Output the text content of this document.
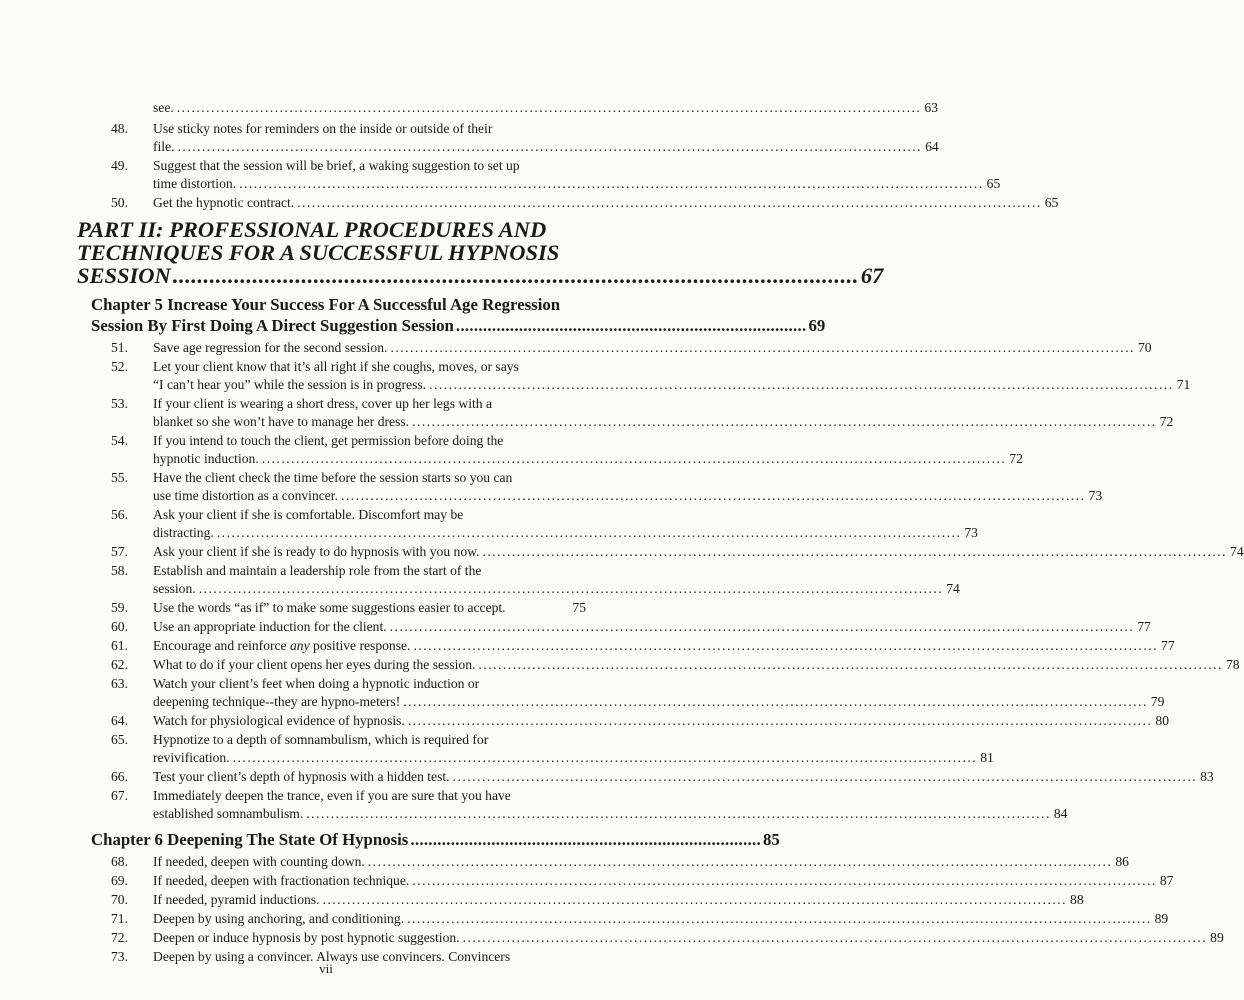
see. ........................................................................................................................................................ 63
48. Use sticky notes for reminders on the inside or outside of their
file. ........................................................................................................................................................ 64
49. Suggest that the session will be brief, a waking suggestion to set up
time distortion. ........................................................................................................................................................ 65
50. Get the hypnotic contract. ........................................................................................................................................................ 65
PART II: PROFESSIONAL PROCEDURES AND
TECHNIQUES FOR A SUCCESSFUL HYPNOSIS
SESSION ................................................................................................................ 67
Chapter 5 Increase Your Success For A Successful Age Regression
Session By First Doing A Direct Suggestion Session .............................................................................. 69
51. Save age regression for the second session. ........................................................................................................................................................ 70
52. Let your client know that it’s all right if she coughs, moves, or says
“I can’t hear you” while the session is in progress. ........................................................................................................................................................ 71
53. If your client is wearing a short dress, cover up her legs with a
blanket so she won’t have to manage her dress. ........................................................................................................................................................ 72
54. If you intend to touch the client, get permission before doing the
hypnotic induction. ........................................................................................................................................................ 72
55. Have the client check the time before the session starts so you can
use time distortion as a convincer. ........................................................................................................................................................ 73
56. Ask your client if she is comfortable. Discomfort may be
distracting. ........................................................................................................................................................ 73
57. Ask your client if she is ready to do hypnosis with you now. ........................................................................................................................................................ 74
58. Establish and maintain a leadership role from the start of the
session. ........................................................................................................................................................ 74
59. Use the words “as if” to make some suggestions easier to accept.	75
60. Use an appropriate induction for the client. ........................................................................................................................................................ 77
61. Encourage and reinforce any positive response. ........................................................................................................................................................ 77
62. What to do if your client opens her eyes during the session. ........................................................................................................................................................ 78
63. Watch your client’s feet when doing a hypnotic induction or
deepening technique--they are hypno-meters! ........................................................................................................................................................ 79
64. Watch for physiological evidence of hypnosis. ........................................................................................................................................................ 80
65. Hypnotize to a depth of somnambulism, which is required for
revivification. ........................................................................................................................................................ 81
66. Test your client’s depth of hypnosis with a hidden test. ........................................................................................................................................................ 83
67. Immediately deepen the trance, even if you are sure that you have
established somnambulism. ........................................................................................................................................................ 84
Chapter 6 Deepening The State Of Hypnosis .............................................................................. 85
68. If needed, deepen with counting down. ........................................................................................................................................................ 86
69. If needed, deepen with fractionation technique. ........................................................................................................................................................ 87
70. If needed, pyramid inductions. ........................................................................................................................................................ 88
71. Deepen by using anchoring, and conditioning. ........................................................................................................................................................ 89
72. Deepen or induce hypnosis by post hypnotic suggestion. ........................................................................................................................................................ 89
73. Deepen by using a convincer. Always use convincers. Convincers
vii
